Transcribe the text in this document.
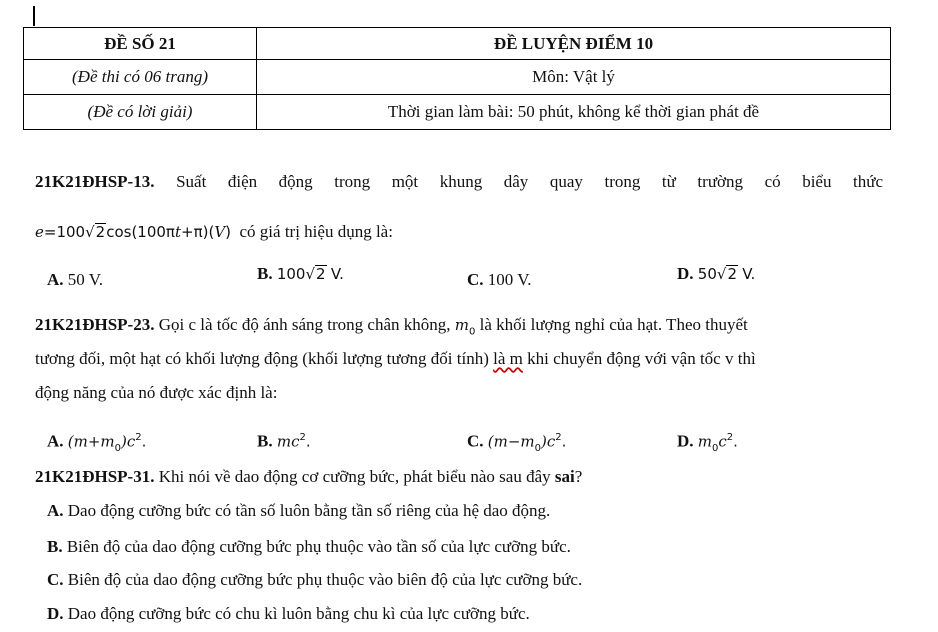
ĐỀ SỐ 21	ĐỀ LUYỆN ĐIỂM 10
(Đề thi có 06 trang)	Môn: Vật lý
(Đề có lời giải)	Thời gian làm bài: 50 phút, không kể thời gian phát đề
21K21ĐHSP-13. Suất điện động trong một khung dây quay trong từ trường có biểu thức
e=100√2cos(100πt+π)(V) có giá trị hiệu dụng là:
A. 50 V.	B. 100√2 V.	C. 100 V.	D. 50√2 V.
21K21ĐHSP-23. Gọi c là tốc độ ánh sáng trong chân không, $m_0$ là khối lượng nghỉ của hạt. Theo thuyết
tương đối, một hạt có khối lượng động (khối lượng tương đối tính) là m khi chuyển động với vận tốc v thì
động năng của nó được xác định là:
A. $(m+m_0)c^2$.	B. $mc^2$.	C. $(m-m_0)c^2$.	D. $m_0c^2$.
21K21ĐHSP-31. Khi nói về dao động cơ cưỡng bức, phát biểu nào sau đây sai?
A. Dao động cưỡng bức có tần số luôn bằng tần số riêng của hệ dao động.
B. Biên độ của dao động cưỡng bức phụ thuộc vào tần số của lực cưỡng bức.
C. Biên độ của dao động cưỡng bức phụ thuộc vào biên độ của lực cưỡng bức.
D. Dao động cưỡng bức có chu kì luôn bằng chu kì của lực cưỡng bức.
